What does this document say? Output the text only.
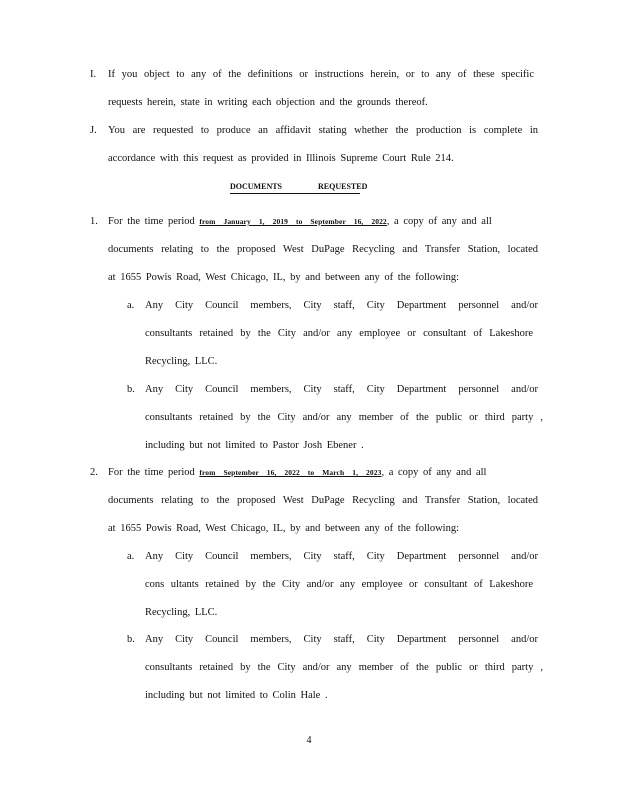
I. If you object to any of the definitions or instructions herein, or to any of these specific
requests herein, state in writing each objection and the grounds thereof.
J. You are requested to produce an affidavit stating whether the production is complete in
accordance with this request as provided in Illinois Supreme Court Rule 214.
DOCUMENTS	REQUESTED
1. For the time period from January 1, 2019 to September 16, 2022, a copy of any and all
documents relating to the proposed West DuPage Recycling and Transfer Station, located
at 1655 Powis Road, West Chicago, IL, by and between any of the following:
a. Any City Council members, City staff, City Department personnel and/or
consultants retained by the City and/or any employee or consultant of Lakeshore
Recycling, LLC.
b. Any City Council members, City staff, City Department personnel and/or
consultants retained by the City and/or any member of the public or third party ,
including but not limited to Pastor Josh Ebener .
2. For the time period from September 16, 2022 to March 1, 2023, a copy of any and all
documents relating to the proposed West DuPage Recycling and Transfer Station, located
at 1655 Powis Road, West Chicago, IL, by and between any of the following:
a. Any City Council members, City staff, City Department personnel and/or
cons ultants retained by the City and/or any employee or consultant of Lakeshore
Recycling, LLC.
b. Any City Council members, City staff, City Department personnel and/or
consultants retained by the City and/or any member of the public or third party ,
including but not limited to Colin Hale .
4
